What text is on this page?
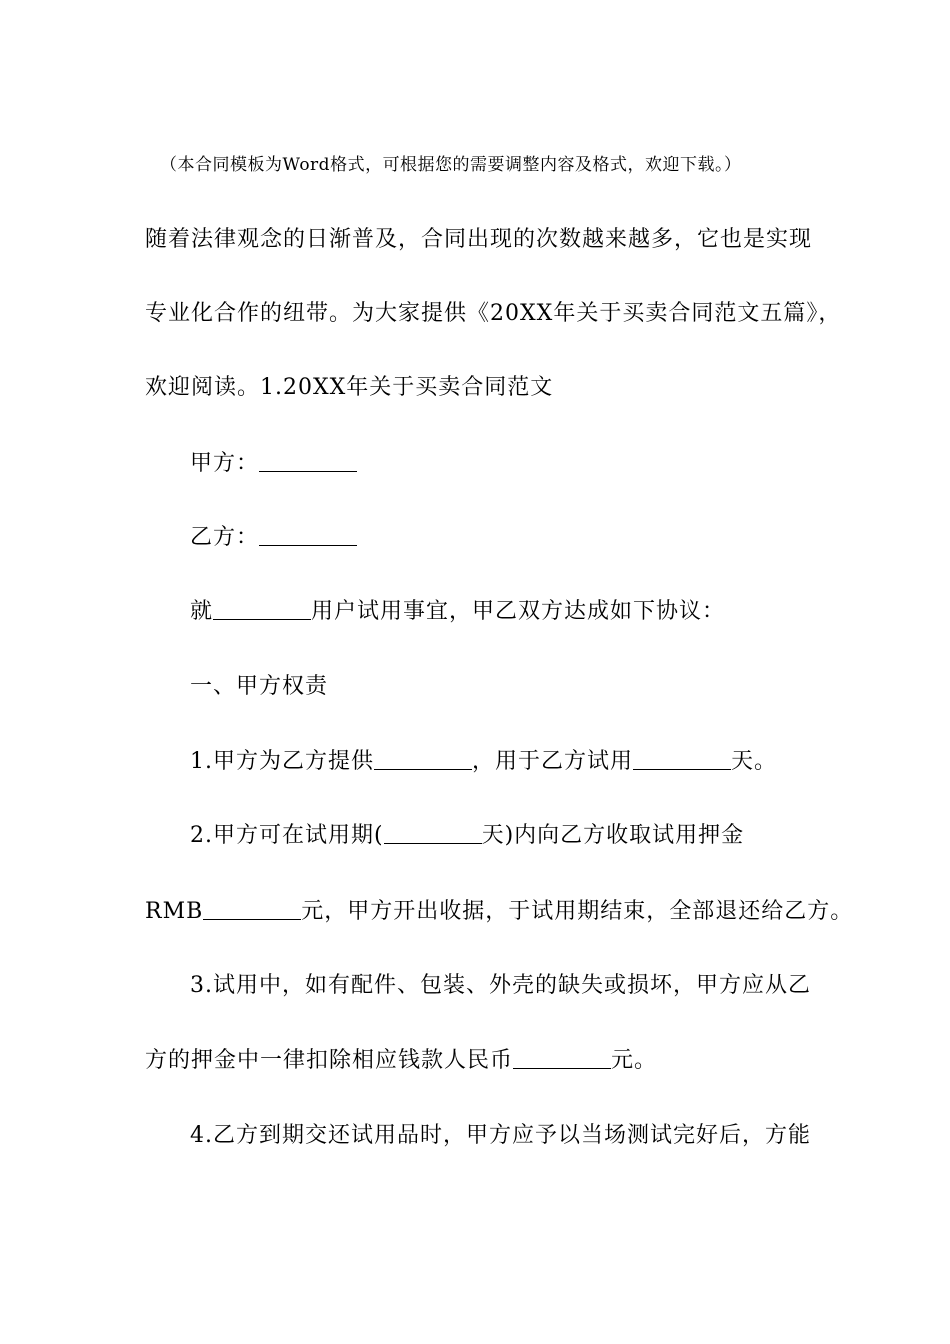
（本合同模板为Word格式，可根据您的需要调整内容及格式，欢迎下载。）
随着法律观念的日渐普及，合同出现的次数越来越多，它也是实现
专业化合作的纽带。为大家提供《20XX年关于买卖合同范文五篇》，
欢迎阅读。1.20XX年关于买卖合同范文
甲方：
乙方：
就	用户试用事宜，甲乙双方达成如下协议：
一、甲方权责
1.甲方为乙方提供	，用于乙方试用	天。
2.甲方可在试用期(	天)内向乙方收取试用押金
RMB	元，甲方开出收据，于试用期结束，全部退还给乙方。
3.试用中，如有配件、包装、外壳的缺失或损坏，甲方应从乙
方的押金中一律扣除相应钱款人民币	元。
4.乙方到期交还试用品时，甲方应予以当场测试完好后，方能
